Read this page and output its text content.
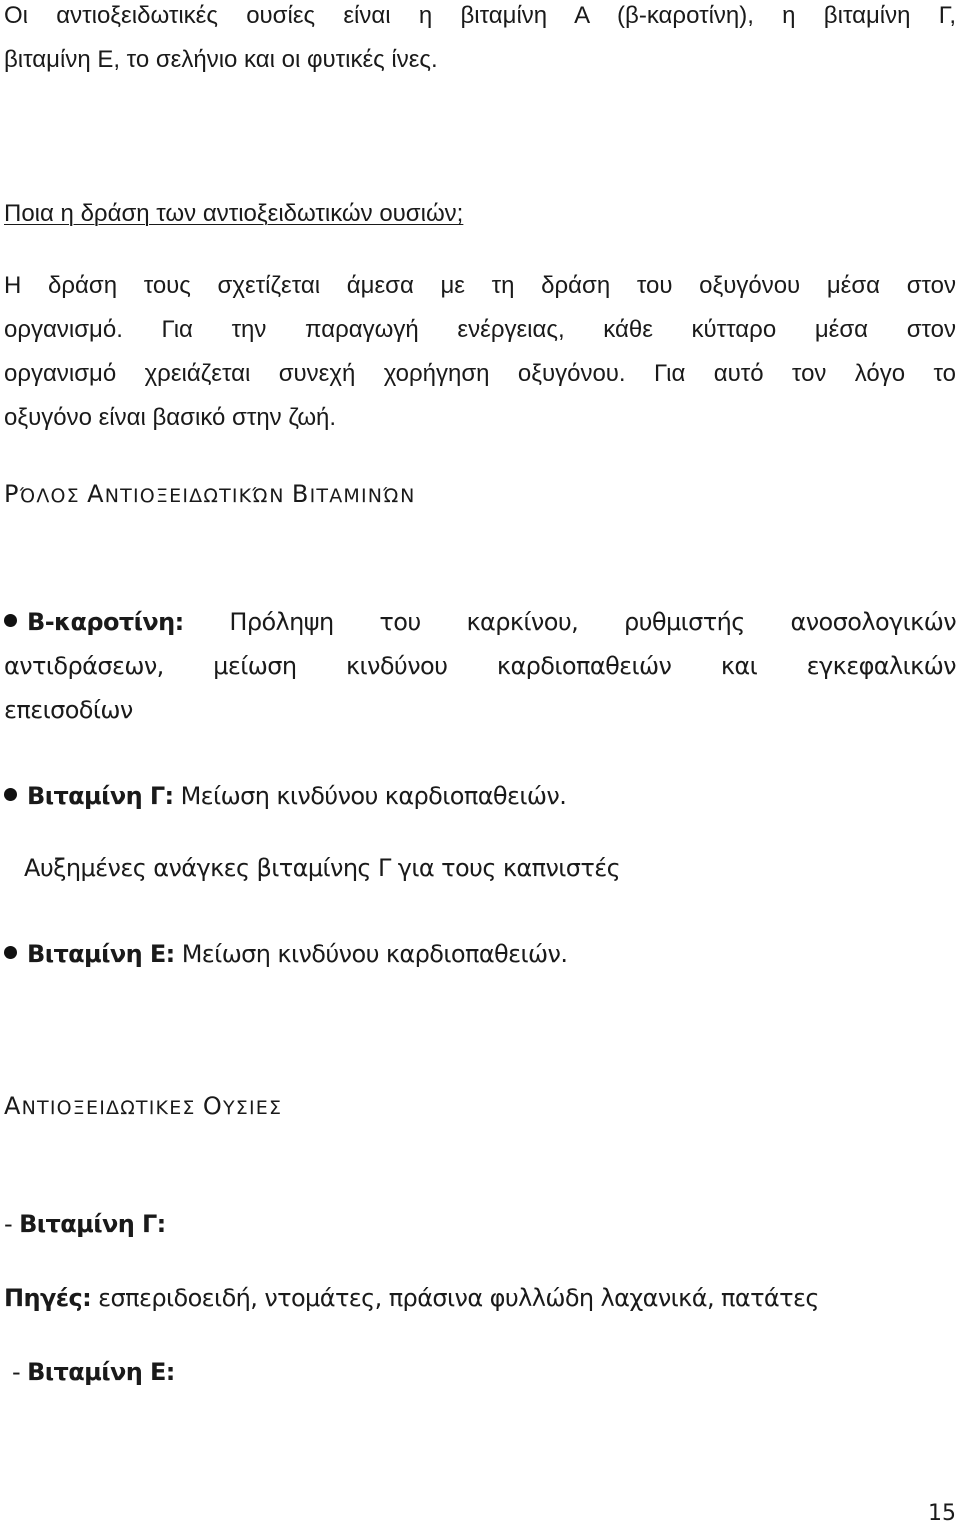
Οι αντιοξειδωτικές ουσίες είναι η βιταμίνη Α (β-καροτίνη), η βιταμίνη Γ,
βιταμίνη Ε, το σελήνιο και οι φυτικές ίνες.
Ποια η δράση των αντιοξειδωτικών ουσιών;
Η δράση τους σχετίζεται άμεσα με τη δράση του οξυγόνου μέσα στον
οργανισμό. Για την παραγωγή ενέργειας, κάθε κύτταρο μέσα στον
οργανισμό χρειάζεται συνεχή χορήγηση οξυγόνου. Για αυτό τον λόγο το
οξυγόνο είναι βασικό στην ζωή.
ΡΌΛΟΣ ΑΝΤΙΟΞΕΙΔΩΤΙΚΏΝ ΒΙΤΑΜΙΝΏΝ
Β-καροτίνη: Πρόληψη του καρκίνου, ρυθμιστής ανοσολογικών
αντιδράσεων, μείωση κινδύνου καρδιοπαθειών και εγκεφαλικών
επεισοδίων
Βιταμίνη Γ: Μείωση κινδύνου καρδιοπαθειών.
Αυξημένες ανάγκες βιταμίνης Γ για τους καπνιστές
Βιταμίνη Ε: Μείωση κινδύνου καρδιοπαθειών.
ΑΝΤΙΟΞΕΙΔΩΤΙΚΕΣ ΟΥΣΙΕΣ
- Βιταμίνη Γ:
Πηγές: εσπεριδοειδή, ντομάτες, πράσινα φυλλώδη λαχανικά, πατάτες
- Βιταμίνη Ε:
15
